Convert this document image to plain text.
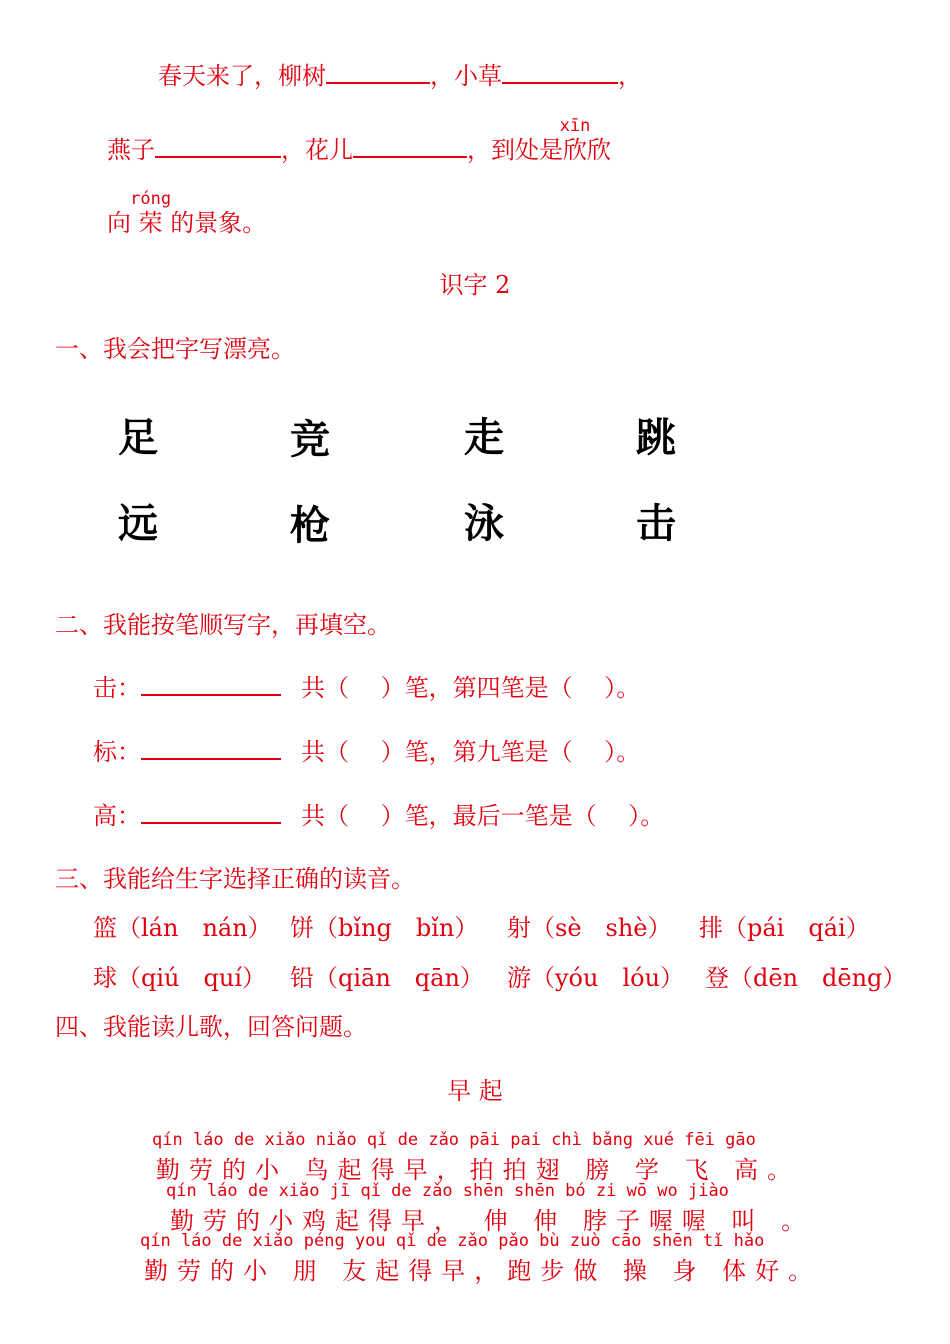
春天来了，柳树	，小草	，
燕子	，花儿	，到处是欣
xīn
欣
向 荣
róng
的景象。
识字 2
一、我会把字写漂亮。
足	竞	走	跳
远	枪	泳	击
二、我能按笔顺写字，再填空。
击：	共（　 ）笔，第四笔是（　 ）。
标：	共（　 ）笔，第九笔是（　 ）。
高：	共（　 ）笔，最后一笔是（　 ）。
三、我能给生字选择正确的读音。
篮（lán　nán） 饼（bǐng　bǐn） 射（sè　shè） 排（pái　qái）
球（qiú　quí） 铅（qiān　qān） 游（yóu　lóu） 登（dēn　dēng）
四、我能读儿歌，回答问题。
早 起
qín láo de xiǎo niǎo qǐ de zǎo pāi pai chì bǎng xué fēi gāo
勤劳的小 鸟起得早，拍拍翅 膀 学 飞 高。
qín láo de xiǎo jī qǐ de zǎo shēn shēn bó zi wō wo jiào
勤劳的小鸡起得早， 伸 伸 脖子喔喔 叫 。
qín láo de xiǎo péng you qǐ de zǎo pǎo bù zuò cāo shēn tǐ hǎo
勤劳的小 朋 友起得早，跑步做 操 身 体好。
